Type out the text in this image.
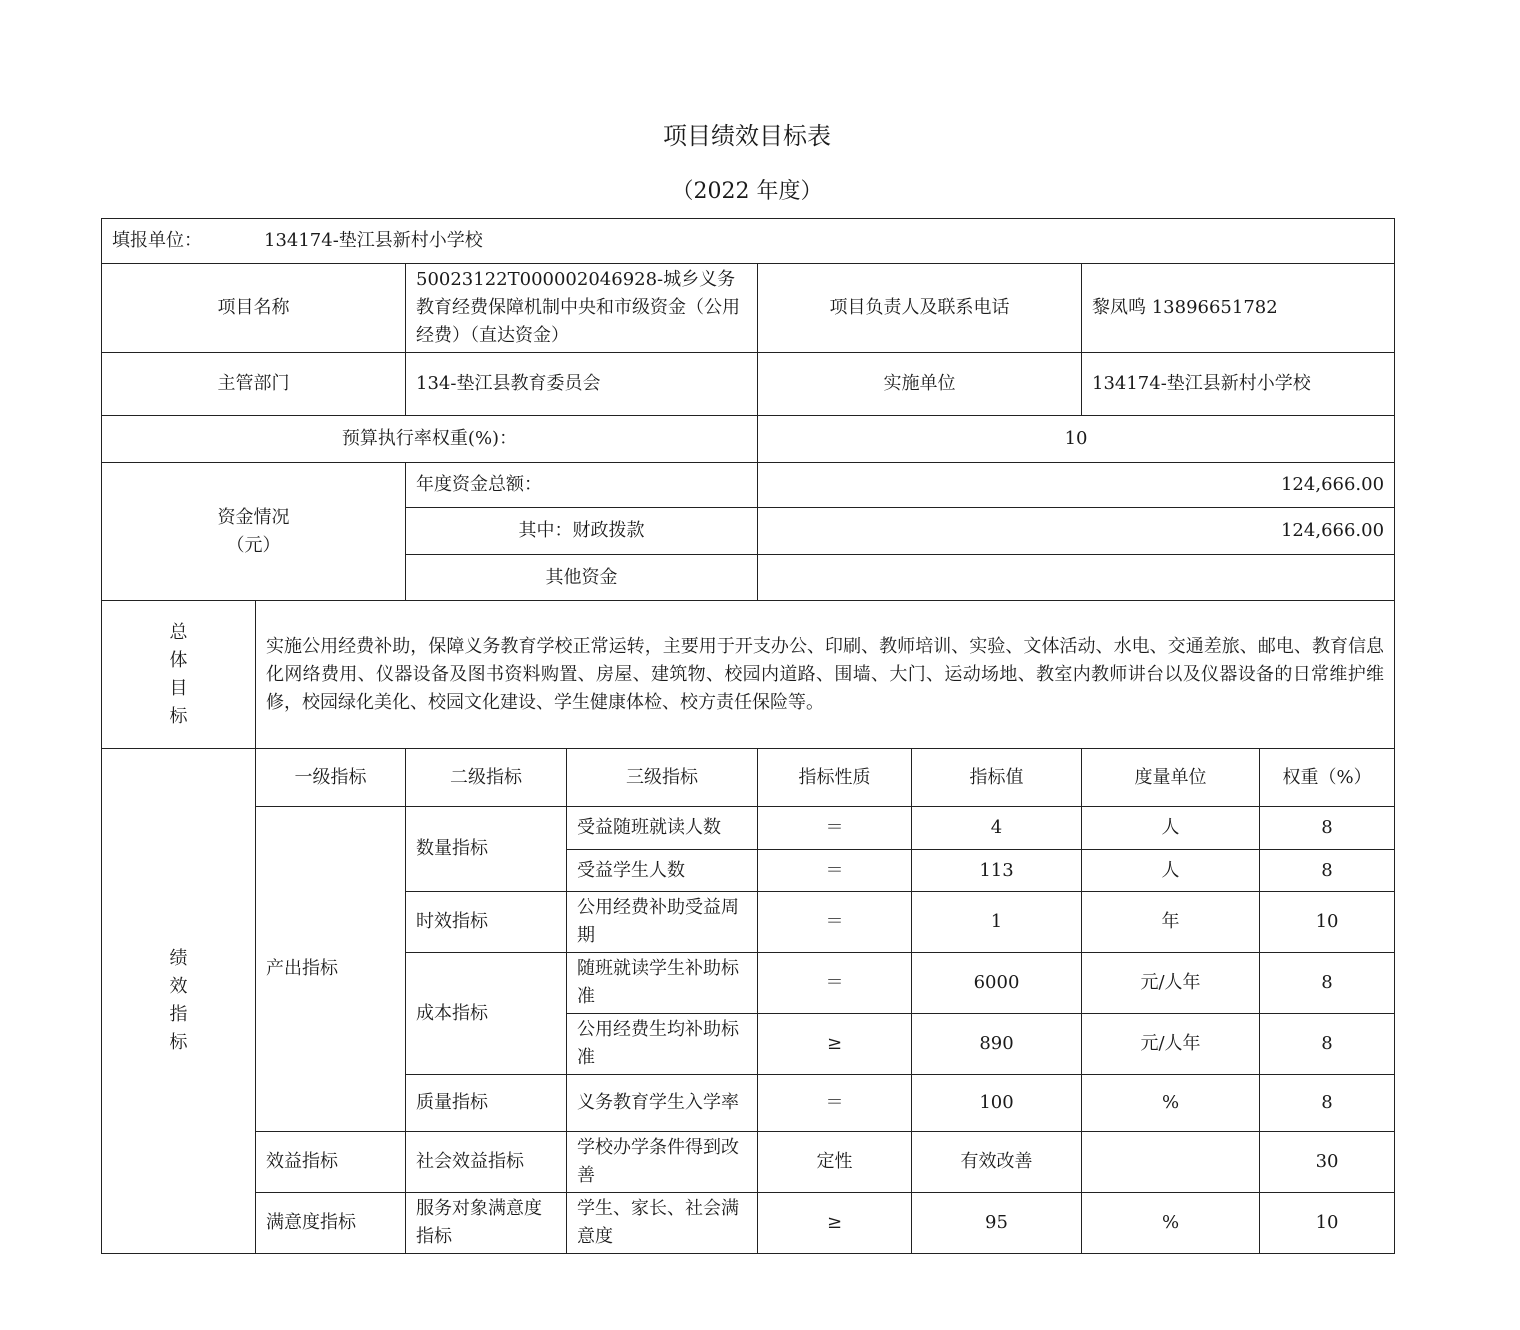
项目绩效目标表
（2022 年度）
填报单位： 134174-垫江县新村小学校							
项目名称		50023122T000002046928-城乡义务教育经费保障机制中央和市级资金（公用经费）（直达资金）		项目负责人及联系电话		黎凤鸣 13896651782	
主管部门		134-垫江县教育委员会		实施单位		134174-垫江县新村小学校	
预算执行率权重(%)：				10			
资金情况
（元）		年度资金总额：		124,666.00			
		其中：财政拨款		124,666.00			
		其他资金					

总
体
目
标	实施公用经费补助，保障义务教育学校正常运转，主要用于开支办公、印刷、教师培训、实验、文体活动、水电、交通差旅、邮电、教育信息化网络费用、仪器设备及图书资料购置、房屋、建筑物、校园内道路、围墙、大门、运动场地、教室内教师讲台以及仪器设备的日常维护维修，校园绿化美化、校园文化建设、学生健康体检、校方责任保险等。						

绩
效
指
标	一级指标	二级指标	三级指标	指标性质	指标值	度量单位	权重（%）
	产出指标	数量指标	受益随班就读人数	＝	4	人	8
			受益学生人数	＝	113	人	8
		时效指标	公用经费补助受益周期	＝	1	年	10
		成本指标	随班就读学生补助标准	＝	6000	元/人年	8
			公用经费生均补助标准	≥	890	元/人年	8
		质量指标	义务教育学生入学率	＝	100	%	8
	效益指标	社会效益指标	学校办学条件得到改善	定性	有效改善		30
	满意度指标	服务对象满意度指标	学生、家长、社会满意度	≥	95	%	10
